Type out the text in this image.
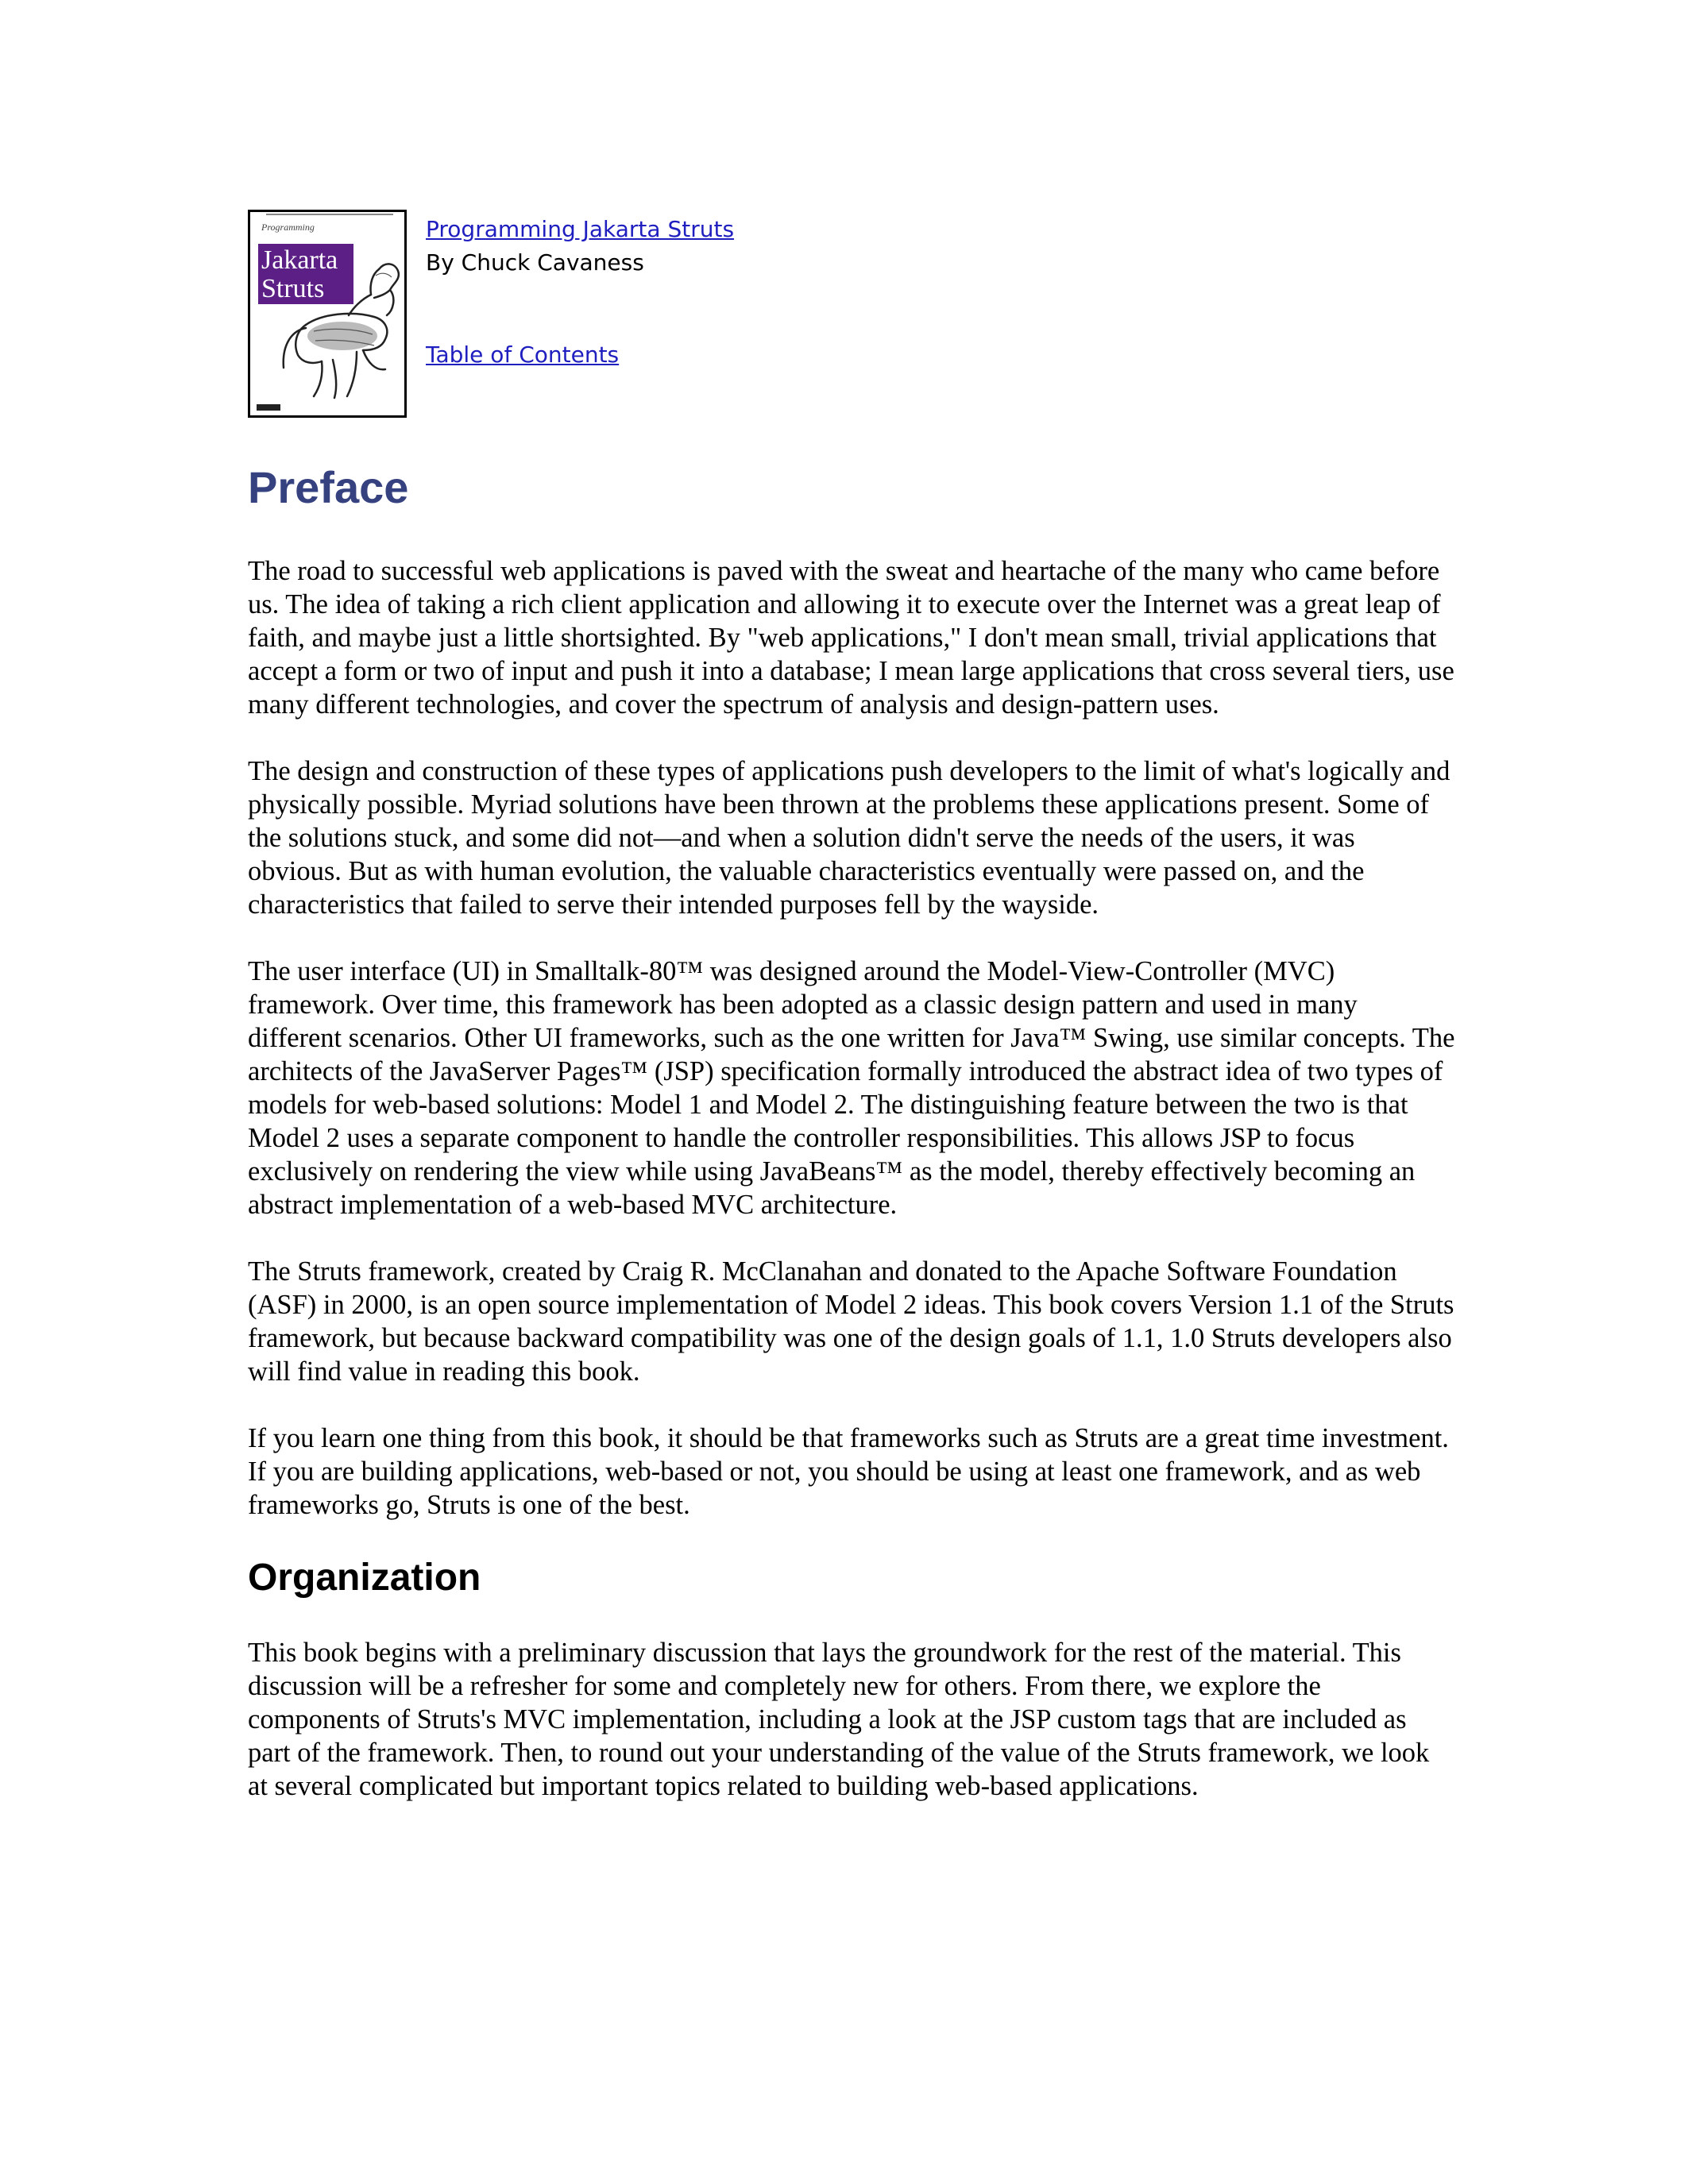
Programming
Jakarta
Struts
Programming Jakarta Struts
By Chuck Cavaness
Table of Contents
Preface

The road to successful web applications is paved with the sweat and heartache of the many who came before us. The idea of taking a rich client application and allowing it to execute over the Internet was a great leap of faith, and maybe just a little shortsighted. By "web applications," I don't mean small, trivial applications that accept a form or two of input and push it into a database; I mean large applications that cross several tiers, use many different technologies, and cover the spectrum of analysis and design-pattern uses.

The design and construction of these types of applications push developers to the limit of what's logically and physically possible. Myriad solutions have been thrown at the problems these applications present. Some of the solutions stuck, and some did not—and when a solution didn't serve the needs of the users, it was obvious. But as with human evolution, the valuable characteristics eventually were passed on, and the characteristics that failed to serve their intended purposes fell by the wayside.

The user interface (UI) in Smalltalk-80™ was designed around the Model-View-Controller (MVC) framework. Over time, this framework has been adopted as a classic design pattern and used in many different scenarios. Other UI frameworks, such as the one written for Java™ Swing, use similar concepts. The architects of the JavaServer Pages™ (JSP) specification formally introduced the abstract idea of two types of models for web-based solutions: Model 1 and Model 2. The distinguishing feature between the two is that Model 2 uses a separate component to handle the controller responsibilities. This allows JSP to focus exclusively on rendering the view while using JavaBeans™ as the model, thereby effectively becoming an abstract implementation of a web-based MVC architecture.

The Struts framework, created by Craig R. McClanahan and donated to the Apache Software Foundation (ASF) in 2000, is an open source implementation of Model 2 ideas. This book covers Version 1.1 of the Struts framework, but because backward compatibility was one of the design goals of 1.1, 1.0 Struts developers also will find value in reading this book.

If you learn one thing from this book, it should be that frameworks such as Struts are a great time investment. If you are building applications, web-based or not, you should be using at least one framework, and as web frameworks go, Struts is one of the best.

Organization

This book begins with a preliminary discussion that lays the groundwork for the rest of the material. This discussion will be a refresher for some and completely new for others. From there, we explore the components of Struts's MVC implementation, including a look at the JSP custom tags that are included as part of the framework. Then, to round out your understanding of the value of the Struts framework, we look at several complicated but important topics related to building web-based applications.
